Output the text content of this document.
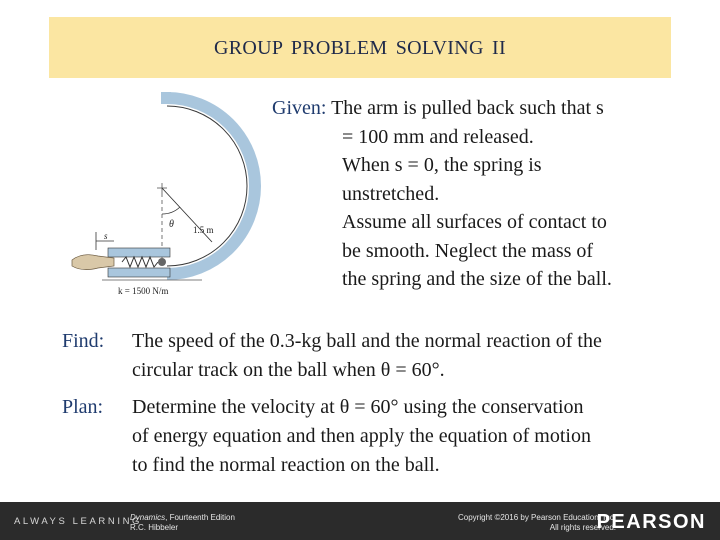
GROUP PROBLEM SOLVING II
θ 1.5 m
s
k = 1500 N/m
Given: The arm is pulled back such that s
= 100 mm and released.
When s = 0, the spring is
unstretched.
Assume all surfaces of contact to
be smooth. Neglect the mass of
the spring and the size of the ball.
Find:	The speed of the 0.3-kg ball and the normal reaction of the
circular track on the ball when θ = 60°.
Plan:	Determine the velocity at θ = 60° using the conservation
of energy equation and then apply the equation of motion
to find the normal reaction on the ball.
ALWAYS LEARNING
Dynamics, Fourteenth Edition
R.C. Hibbeler
Copyright ©2016 by Pearson Education, Inc.
All rights reserved.
PEARSON
